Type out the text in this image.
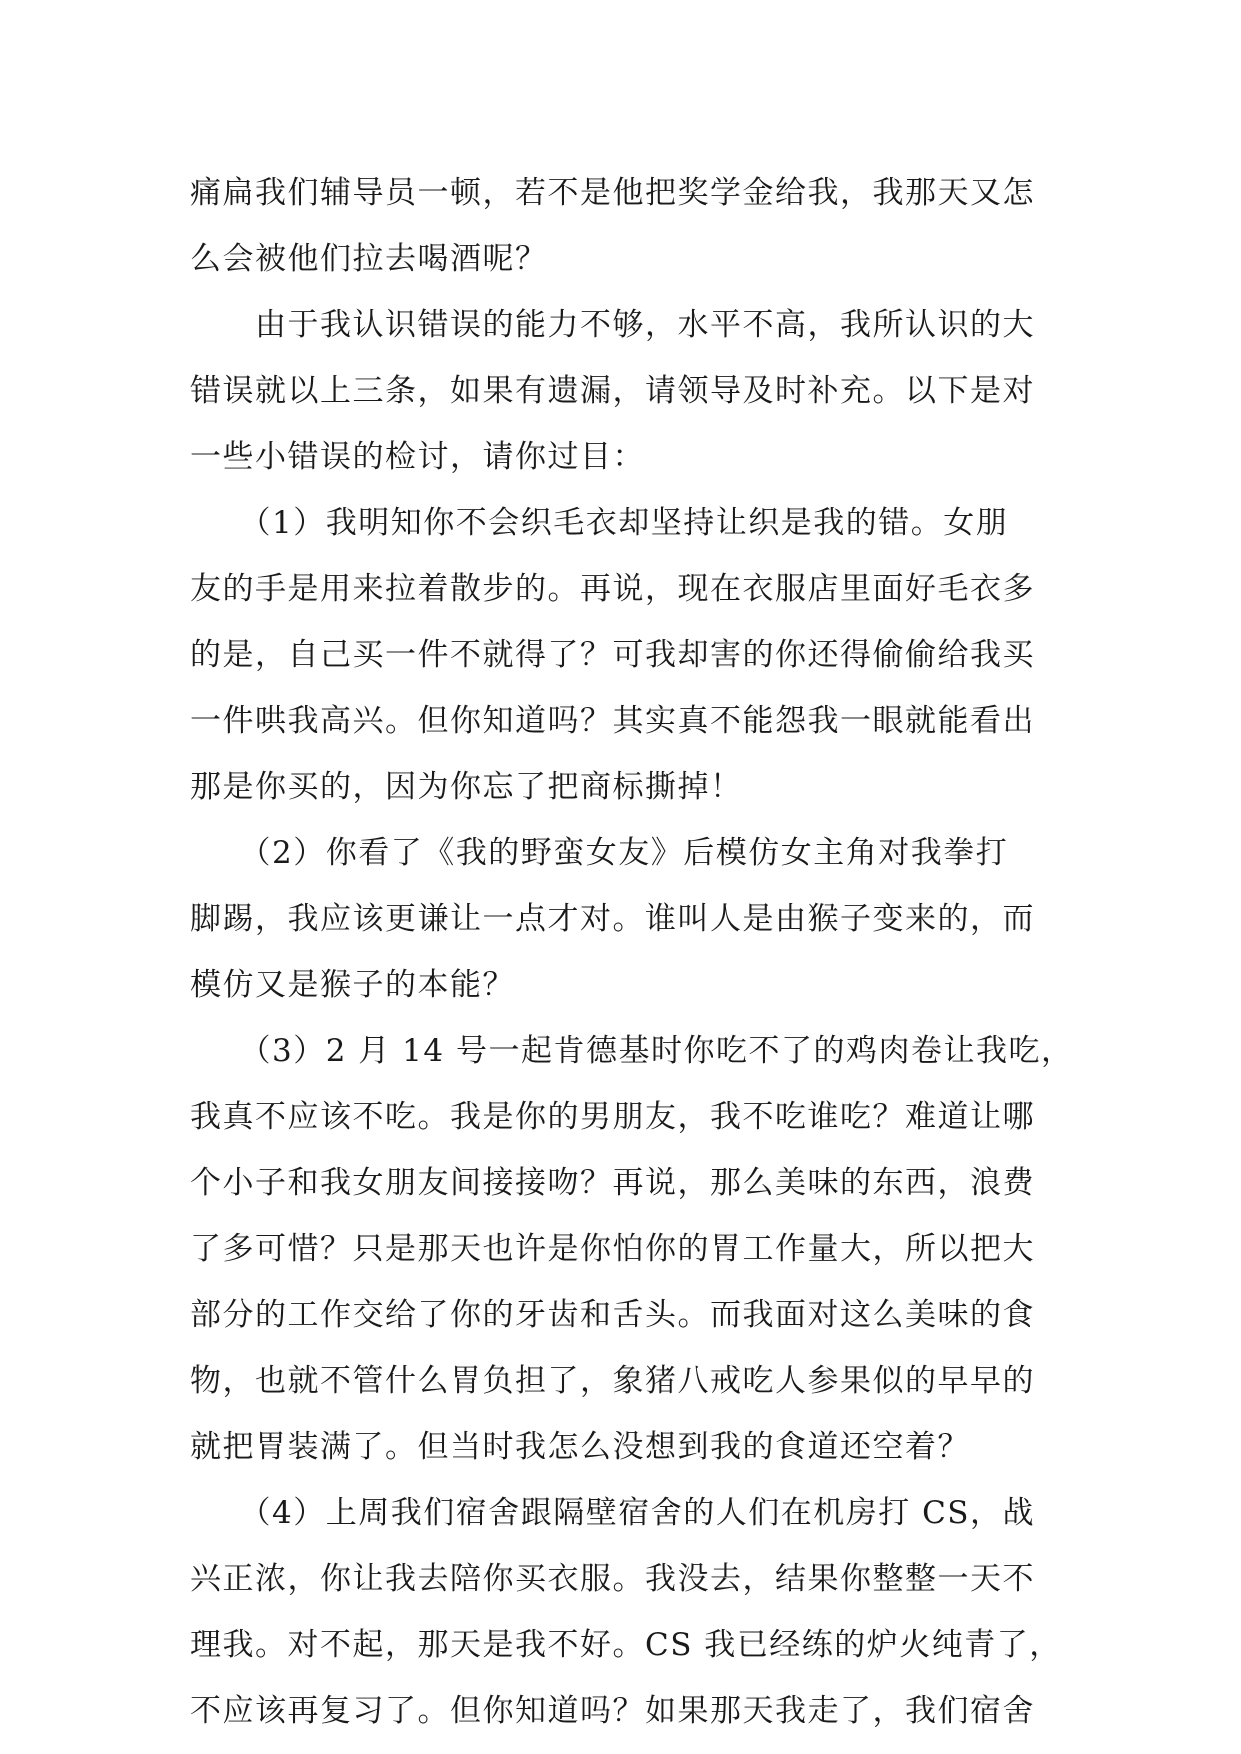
痛扁我们辅导员一顿，若不是他把奖学金给我，我那天又怎
么会被他们拉去喝酒呢？
　　由于我认识错误的能力不够，水平不高，我所认识的大
错误就以上三条，如果有遗漏，请领导及时补充。以下是对
一些小错误的检讨，请你过目：
　　（1）我明知你不会织毛衣却坚持让织是我的错。女朋
友的手是用来拉着散步的。再说，现在衣服店里面好毛衣多
的是，自己买一件不就得了？可我却害的你还得偷偷给我买
一件哄我高兴。但你知道吗？其实真不能怨我一眼就能看出
那是你买的，因为你忘了把商标撕掉！
　　（2）你看了《我的野蛮女友》后模仿女主角对我拳打
脚踢，我应该更谦让一点才对。谁叫人是由猴子变来的，而
模仿又是猴子的本能？
　　（3）2 月 14 号一起肯德基时你吃不了的鸡肉卷让我吃，
我真不应该不吃。我是你的男朋友，我不吃谁吃？难道让哪
个小子和我女朋友间接接吻？再说，那么美味的东西，浪费
了多可惜？只是那天也许是你怕你的胃工作量大，所以把大
部分的工作交给了你的牙齿和舌头。而我面对这么美味的食
物，也就不管什么胃负担了，象猪八戒吃人参果似的早早的
就把胃装满了。但当时我怎么没想到我的食道还空着？
　　（4）上周我们宿舍跟隔壁宿舍的人们在机房打 CS，战
兴正浓，你让我去陪你买衣服。我没去，结果你整整一天不
理我。对不起，那天是我不好。CS 我已经练的炉火纯青了，
不应该再复习了。但你知道吗？如果那天我走了，我们宿舍
